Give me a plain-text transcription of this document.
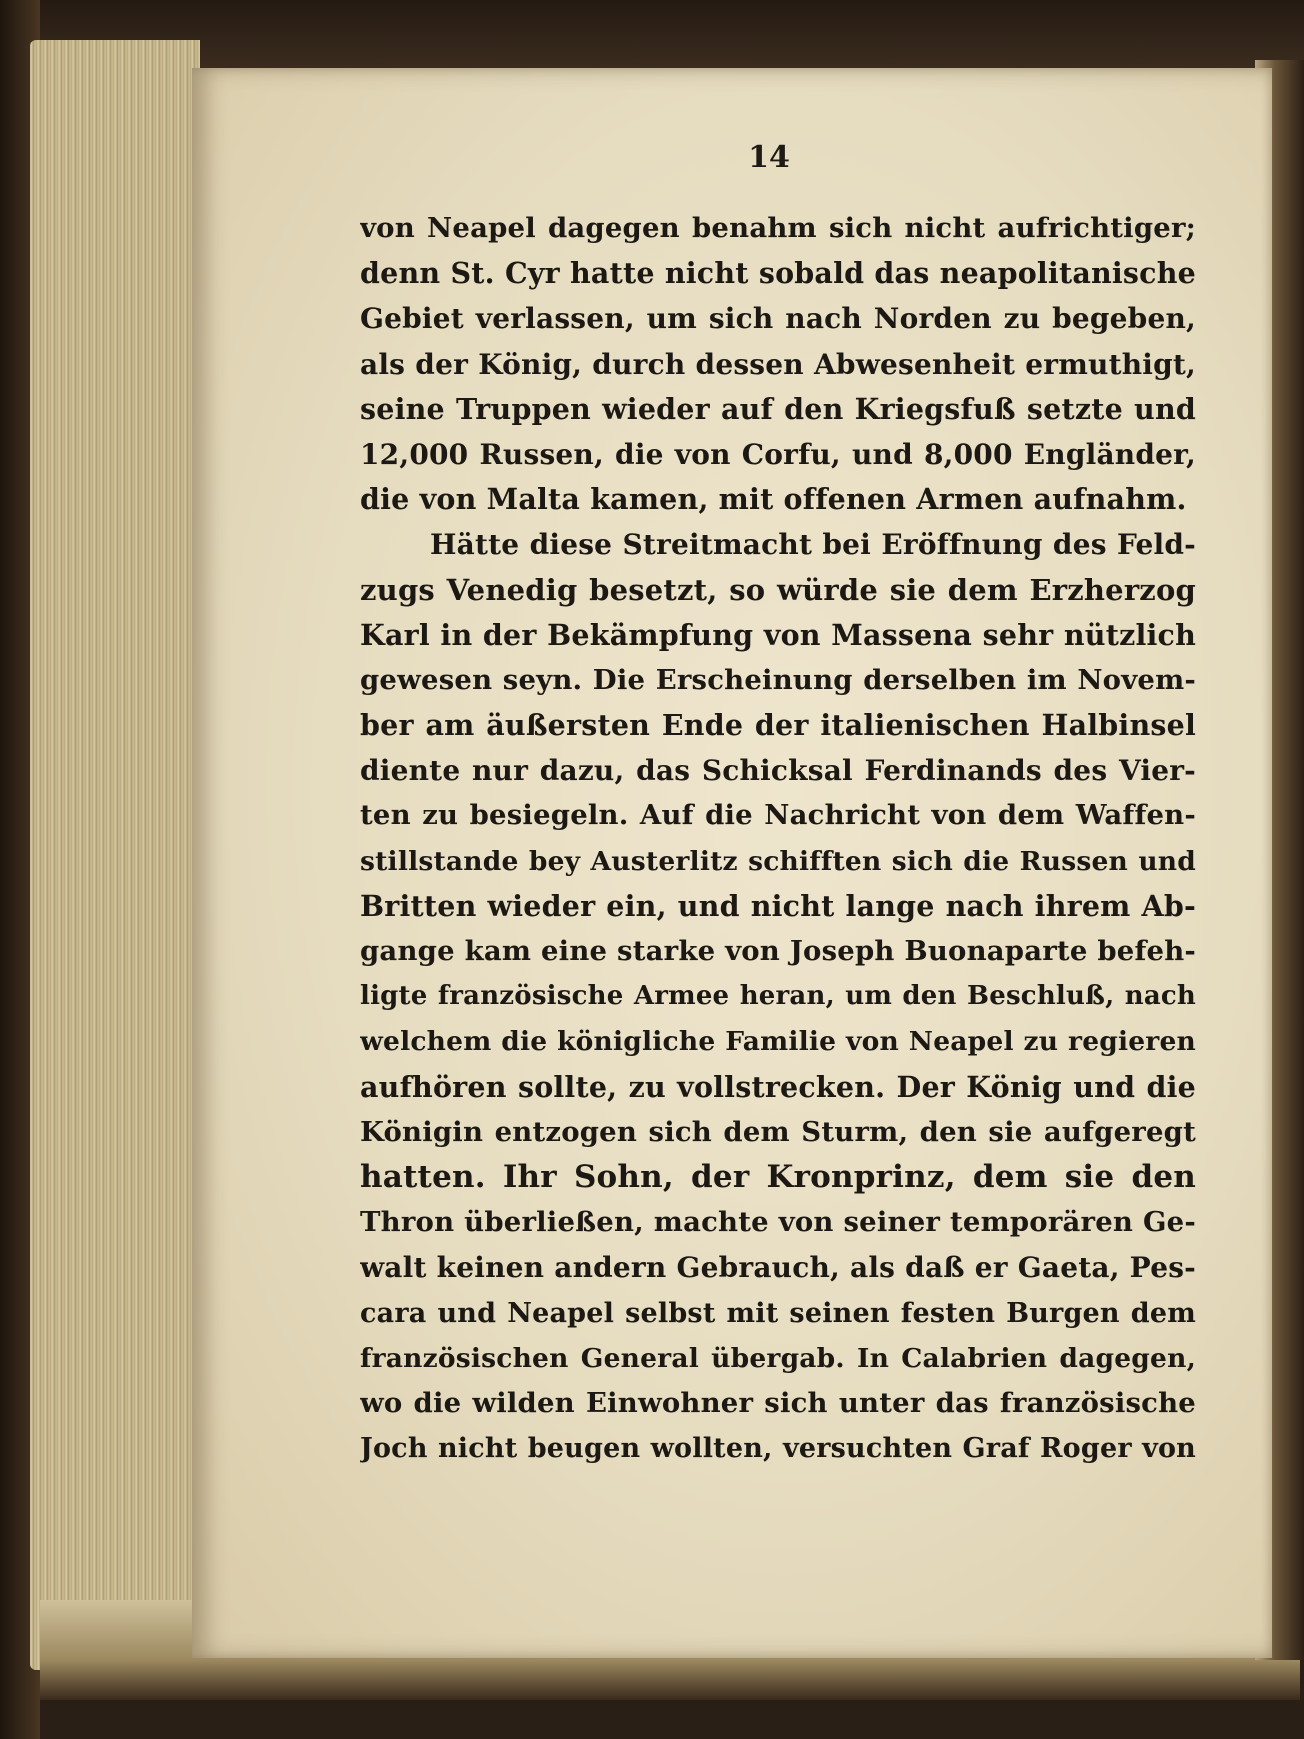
14
von Neapel dagegen benahm sich nicht aufrichtiger;
denn St. Cyr hatte nicht sobald das neapolitanische
Gebiet verlassen, um sich nach Norden zu begeben,
als der König, durch dessen Abwesenheit ermuthigt,
seine Truppen wieder auf den Kriegsfuß setzte und
12,000 Russen, die von Corfu, und 8,000 Engländer,
die von Malta kamen, mit offenen Armen aufnahm.
Hätte diese Streitmacht bei Eröffnung des Feld-
zugs Venedig besetzt, so würde sie dem Erzherzog
Karl in der Bekämpfung von Massena sehr nützlich
gewesen seyn. Die Erscheinung derselben im Novem-
ber am äußersten Ende der italienischen Halbinsel
diente nur dazu, das Schicksal Ferdinands des Vier-
ten zu besiegeln. Auf die Nachricht von dem Waffen-
stillstande bey Austerlitz schifften sich die Russen und
Britten wieder ein, und nicht lange nach ihrem Ab-
gange kam eine starke von Joseph Buonaparte befeh-
ligte französische Armee heran, um den Beschluß, nach
welchem die königliche Familie von Neapel zu regieren
aufhören sollte, zu vollstrecken. Der König und die
Königin entzogen sich dem Sturm, den sie aufgeregt
hatten. Ihr Sohn, der Kronprinz, dem sie den
Thron überließen, machte von seiner temporären Ge-
walt keinen andern Gebrauch, als daß er Gaeta, Pes-
cara und Neapel selbst mit seinen festen Burgen dem
französischen General übergab. In Calabrien dagegen,
wo die wilden Einwohner sich unter das französische
Joch nicht beugen wollten, versuchten Graf Roger von
